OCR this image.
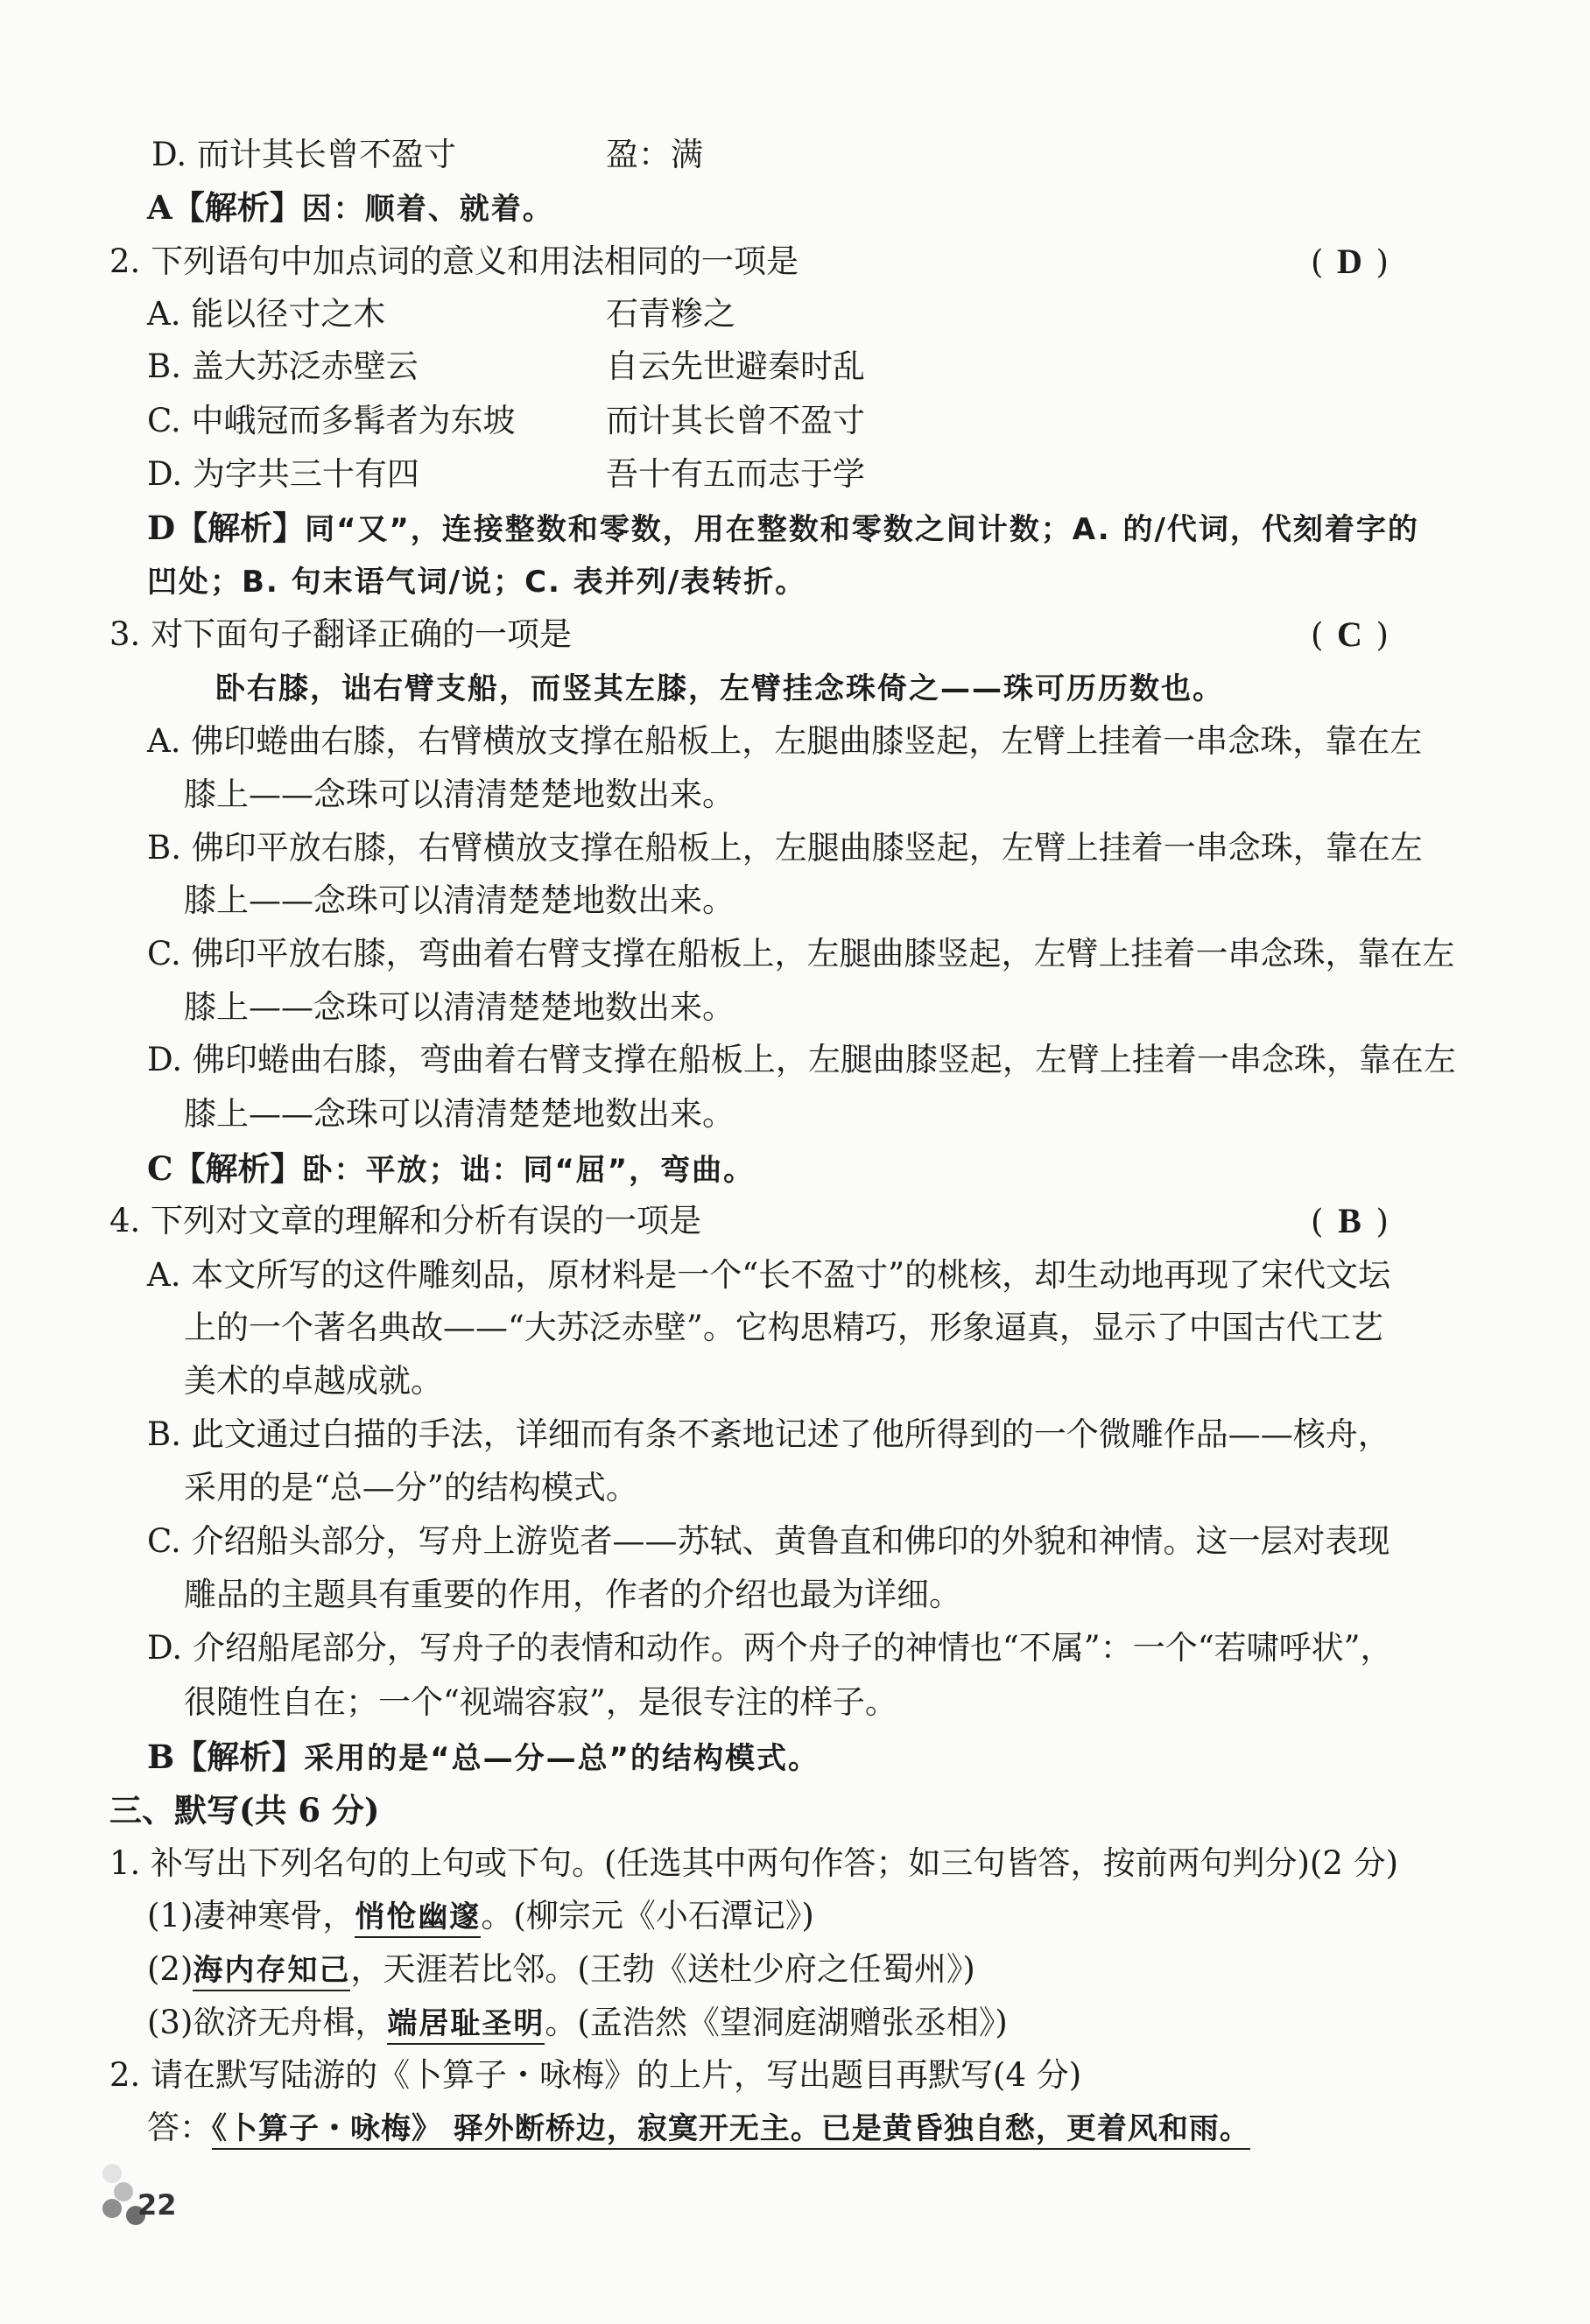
D. 而计其长曾不盈寸	盈：满
A【解析】因：顺着、就着。
2. 下列语句中加点词的意义和用法相同的一项是	( D )
A. 能以径寸之木	石青糁之
B. 盖大苏泛赤壁云	自云先世避秦时乱
C. 中峨冠而多髯者为东坡	而计其长曾不盈寸
D. 为字共三十有四	吾十有五而志于学
D【解析】同“又”，连接整数和零数，用在整数和零数之间计数；A. 的/代词，代刻着字的
凹处；B. 句末语气词/说；C. 表并列/表转折。
3. 对下面句子翻译正确的一项是	( C )
卧右膝，诎右臂支船，而竖其左膝，左臂挂念珠倚之——珠可历历数也。
A. 佛印蜷曲右膝，右臂横放支撑在船板上，左腿曲膝竖起，左臂上挂着一串念珠，靠在左
膝上——念珠可以清清楚楚地数出来。
B. 佛印平放右膝，右臂横放支撑在船板上，左腿曲膝竖起，左臂上挂着一串念珠，靠在左
膝上——念珠可以清清楚楚地数出来。
C. 佛印平放右膝，弯曲着右臂支撑在船板上，左腿曲膝竖起，左臂上挂着一串念珠，靠在左
膝上——念珠可以清清楚楚地数出来。
D. 佛印蜷曲右膝，弯曲着右臂支撑在船板上，左腿曲膝竖起，左臂上挂着一串念珠，靠在左
膝上——念珠可以清清楚楚地数出来。
C【解析】卧：平放；诎：同“屈”，弯曲。
4. 下列对文章的理解和分析有误的一项是	( B )
A. 本文所写的这件雕刻品，原材料是一个“长不盈寸”的桃核，却生动地再现了宋代文坛
上的一个著名典故——“大苏泛赤壁”。它构思精巧，形象逼真，显示了中国古代工艺
美术的卓越成就。
B. 此文通过白描的手法，详细而有条不紊地记述了他所得到的一个微雕作品——核舟，
采用的是“总—分”的结构模式。
C. 介绍船头部分，写舟上游览者——苏轼、黄鲁直和佛印的外貌和神情。这一层对表现
雕品的主题具有重要的作用，作者的介绍也最为详细。
D. 介绍船尾部分，写舟子的表情和动作。两个舟子的神情也“不属”：一个“若啸呼状”，
很随性自在；一个“视端容寂”，是很专注的样子。
B【解析】采用的是“总—分—总”的结构模式。
三、默写(共 6 分)
1. 补写出下列名句的上句或下句。(任选其中两句作答；如三句皆答，按前两句判分)(2 分)
(1)凄神寒骨，悄怆幽邃。(柳宗元《小石潭记》)
(2)海内存知己，天涯若比邻。(王勃《送杜少府之任蜀州》)
(3)欲济无舟楫，端居耻圣明。(孟浩然《望洞庭湖赠张丞相》)
2. 请在默写陆游的《卜算子・咏梅》的上片，写出题目再默写(4 分)
答：《卜算子・咏梅》 驿外断桥边，寂寞开无主。已是黄昏独自愁，更着风和雨。
22
